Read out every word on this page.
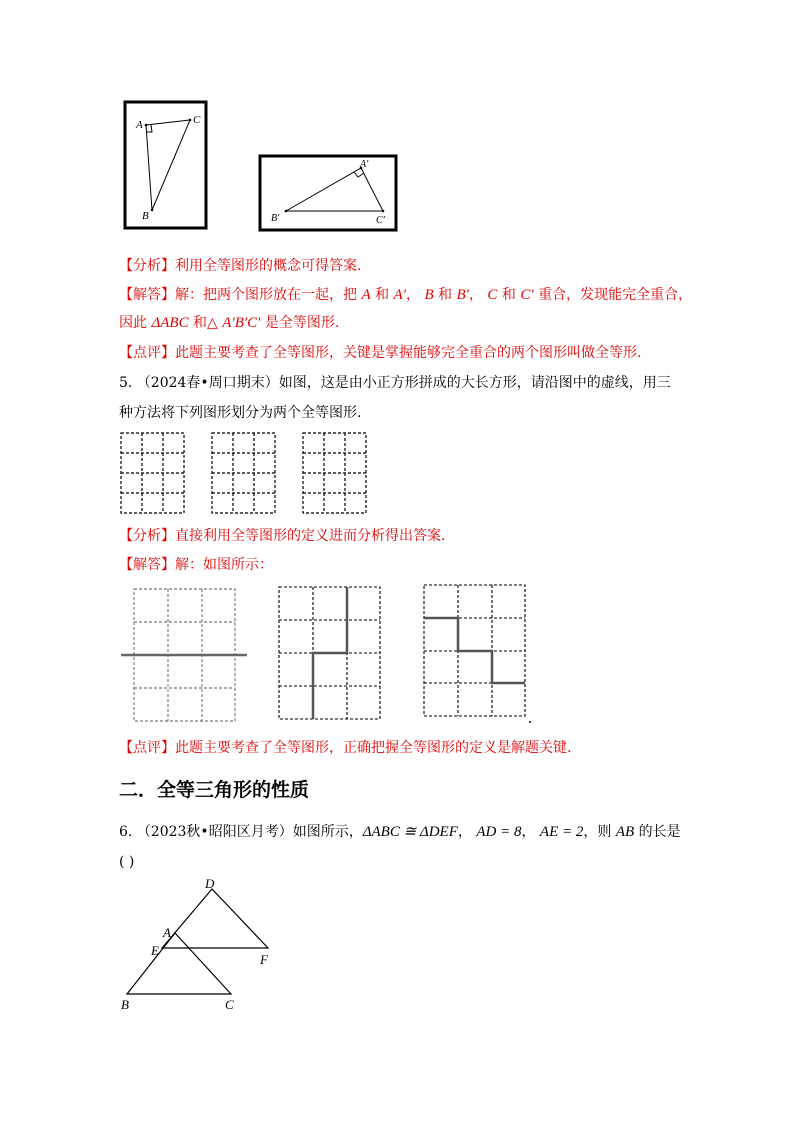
A	C
B
A′
B′	C′
【分析】利用全等图形的概念可得答案.
【解答】解：把两个图形放在一起，把 A 和 A′， B 和 B′， C 和 C′ 重合，发现能完全重合，
因此 ΔABC 和△ A′B′C′ 是全等图形.
【点评】此题主要考查了全等图形，关键是掌握能够完全重合的两个图形叫做全等形.
5. （2024春•周口期末）如图，这是由小正方形拼成的大长方形，请沿图中的虚线，用三
种方法将下列图形划分为两个全等图形.
【分析】直接利用全等图形的定义进而分析得出答案.
【解答】解：如图所示：
【点评】此题主要考查了全等图形，正确把握全等图形的定义是解题关键.
二．全等三角形的性质
6. （2023秋•昭阳区月考）如图所示，ΔABC ≅ ΔDEF， AD = 8， AE = 2，则 AB 的长是
( )
D
A
E
F
B	C
